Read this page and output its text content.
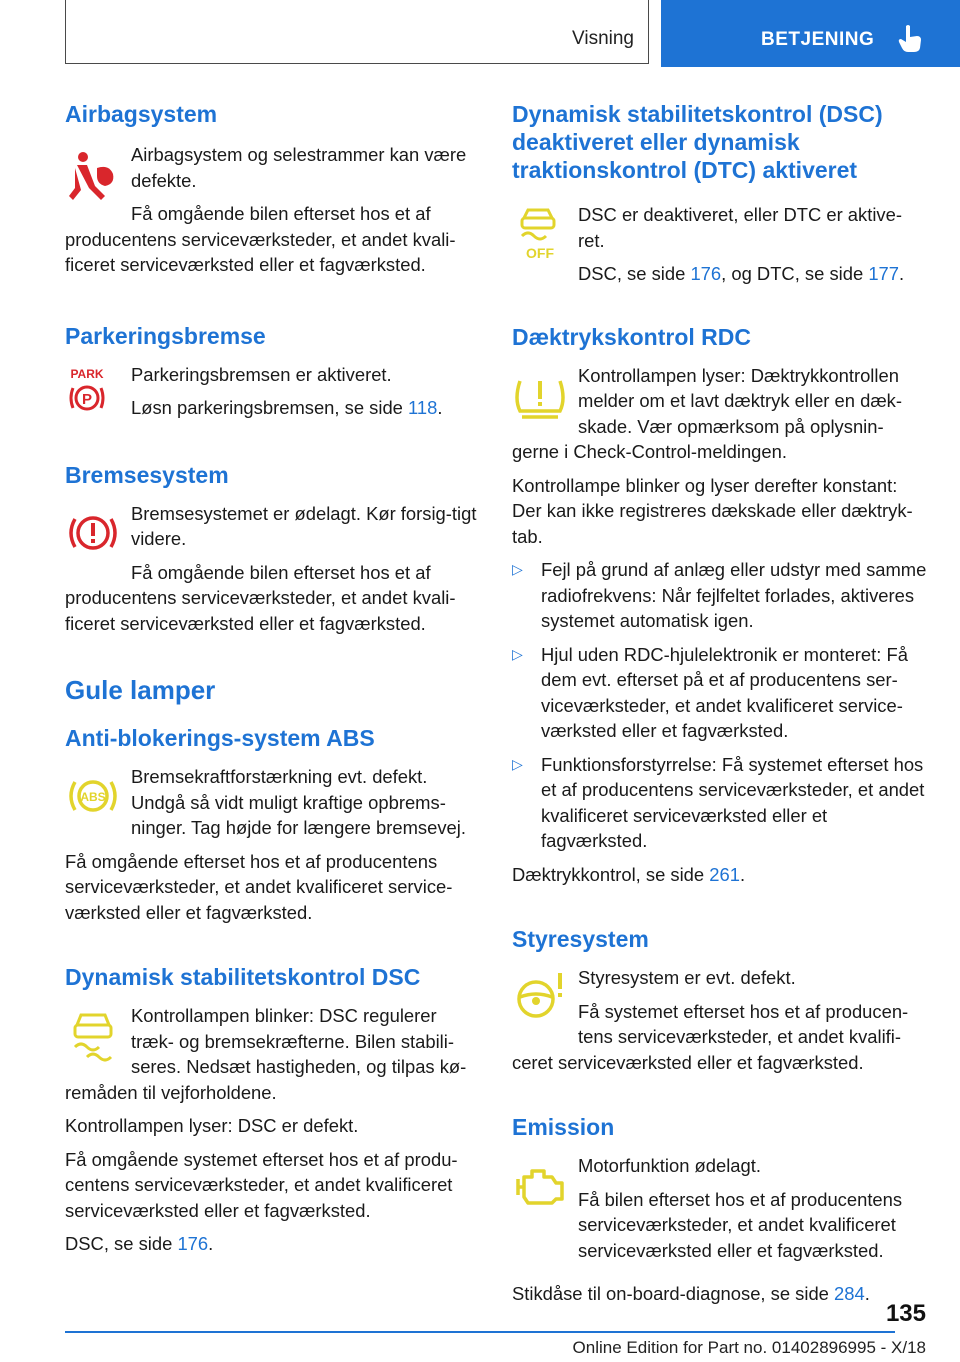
Visning	BETJENING
Airbagsystem

Airbagsystem og selestrammer kan være defekte.

Få omgående bilen efterset hos et af

producentens serviceværksteder, et andet kvali-ficeret serviceværksted eller et fagværksted.

Parkeringsbremse
PARK
P

Parkeringsbremsen er aktiveret.

Løsn parkeringsbremsen, se side 118.

Bremsesystem

Bremsesystemet er ødelagt. Kør forsig-tigt videre.

Få omgående bilen efterset hos et af

producentens serviceværksteder, et andet kvali-ficeret serviceværksted eller et fagværksted.

Gule lamper
Anti-blokerings-system ABS
ABS

Bremsekraftforstærkning evt. defekt. Undgå så vidt muligt kraftige opbrems-ninger. Tag højde for længere bremsevej.

Få omgående efterset hos et af producentens serviceværksteder, et andet kvalificeret service-værksted eller et fagværksted.

Dynamisk stabilitetskontrol DSC

Kontrollampen blinker: DSC regulerer træk- og bremsekræfterne. Bilen stabili-seres. Nedsæt hastigheden, og tilpas kø-

remåden til vejforholdene.

Kontrollampen lyser: DSC er defekt.

Få omgående systemet efterset hos et af produ-centens serviceværksteder, et andet kvalificeret serviceværksted eller et fagværksted.

DSC, se side 176.

Dynamisk stabilitetskontrol (DSC) deaktiveret eller dynamisk traktionskontrol (DTC) aktiveret
OFF

DSC er deaktiveret, eller DTC er aktive-ret.

DSC, se side 176, og DTC, se side 177.

Dæktrykskontrol RDC

Kontrollampen lyser: Dæktrykkontrollen melder om et lavt dæktryk eller en dæk-skade. Vær opmærksom på oplysnin-

gerne i Check-Control-meldingen.

Kontrollampe blinker og lyser derefter konstant: Der kan ikke registreres dækskade eller dæktryk-tab.

▷ Fejl på grund af anlæg eller udstyr med samme radiofrekvens: Når fejlfeltet forlades, aktiveres systemet automatisk igen.
▷ Hjul uden RDC-hjulelektronik er monteret: Få dem evt. efterset på et af producentens ser-viceværksteder, et andet kvalificeret service-værksted eller et fagværksted.
▷ Funktionsforstyrrelse: Få systemet efterset hos et af producentens serviceværksteder, et andet kvalificeret serviceværksted eller et fagværksted.

Dæktrykkontrol, se side 261.

Styresystem

Styresystem er evt. defekt.

Få systemet efterset hos et af producen-tens serviceværksteder, et andet kvalifi-

ceret serviceværksted eller et fagværksted.

Emission

Motorfunktion ødelagt.

Få bilen efterset hos et af producentens serviceværksteder, et andet kvalificeret

serviceværksted eller et fagværksted.

Stikdåse til on-board-diagnose, se side 284.

135
Online Edition for Part no. 01402896995 - X/18
